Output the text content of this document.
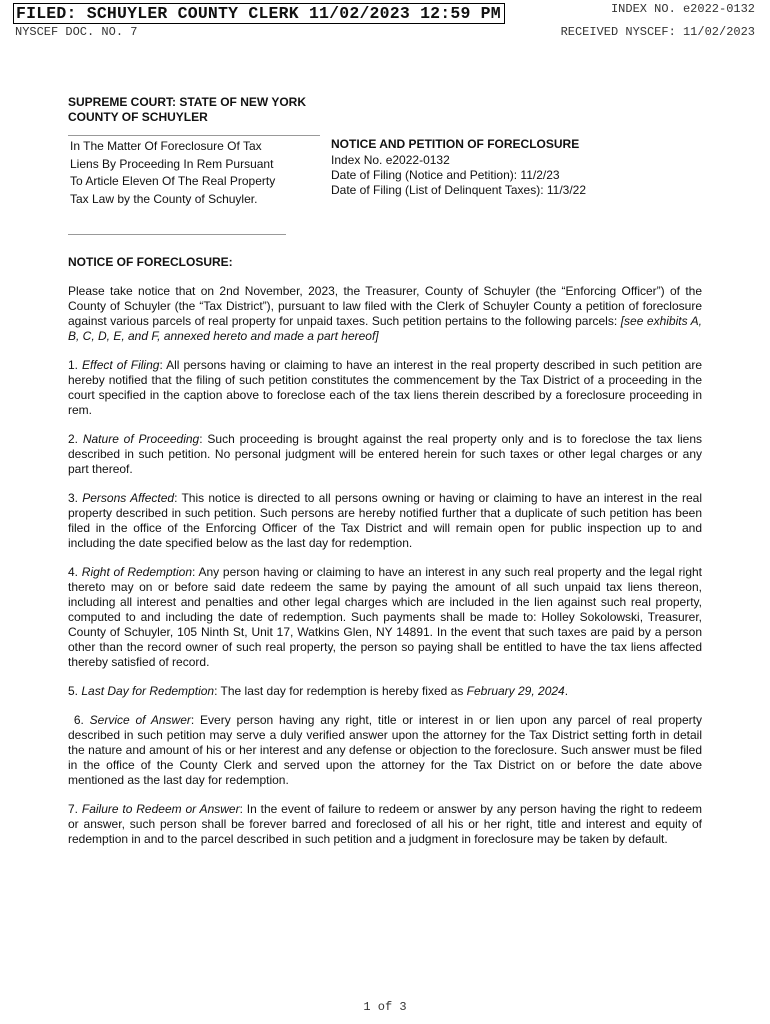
FILED: SCHUYLER COUNTY CLERK 11/02/2023 12:59 PM
NYSCEF DOC. NO. 7
INDEX NO. e2022-0132
RECEIVED NYSCEF: 11/02/2023
SUPREME COURT: STATE OF NEW YORK
COUNTY OF SCHUYLER
In The Matter Of Foreclosure Of Tax
Liens By Proceeding In Rem Pursuant
To Article Eleven Of The Real Property
Tax Law by the County of Schuyler.
NOTICE AND PETITION OF FORECLOSURE
Index No. e2022-0132
Date of Filing (Notice and Petition): 11/2/23
Date of Filing (List of Delinquent Taxes): 11/3/22
NOTICE OF FORECLOSURE:

Please take notice that on 2nd November, 2023, the Treasurer, County of Schuyler (the “Enforcing Officer”) of the County of Schuyler (the “Tax District”), pursuant to law filed with the Clerk of Schuyler County a petition of foreclosure against various parcels of real property for unpaid taxes. Such petition pertains to the following parcels: [see exhibits A, B, C, D, E, and F, annexed hereto and made a part hereof]

1. Effect of Filing: All persons having or claiming to have an interest in the real property described in such petition are hereby notified that the filing of such petition constitutes the commencement by the Tax District of a proceeding in the court specified in the caption above to foreclose each of the tax liens therein described by a foreclosure proceeding in rem.

2. Nature of Proceeding: Such proceeding is brought against the real property only and is to foreclose the tax liens described in such petition. No personal judgment will be entered herein for such taxes or other legal charges or any part thereof.

3. Persons Affected: This notice is directed to all persons owning or having or claiming to have an interest in the real property described in such petition. Such persons are hereby notified further that a duplicate of such petition has been filed in the office of the Enforcing Officer of the Tax District and will remain open for public inspection up to and including the date specified below as the last day for redemption.

4. Right of Redemption: Any person having or claiming to have an interest in any such real property and the legal right thereto may on or before said date redeem the same by paying the amount of all such unpaid tax liens thereon, including all interest and penalties and other legal charges which are included in the lien against such real property, computed to and including the date of redemption. Such payments shall be made to: Holley Sokolowski, Treasurer, County of Schuyler, 105 Ninth St, Unit 17, Watkins Glen, NY 14891. In the event that such taxes are paid by a person other than the record owner of such real property, the person so paying shall be entitled to have the tax liens affected thereby satisfied of record.

5. Last Day for Redemption: The last day for redemption is hereby fixed as February 29, 2024.

6. Service of Answer: Every person having any right, title or interest in or lien upon any parcel of real property described in such petition may serve a duly verified answer upon the attorney for the Tax District setting forth in detail the nature and amount of his or her interest and any defense or objection to the foreclosure. Such answer must be filed in the office of the County Clerk and served upon the attorney for the Tax District on or before the date above mentioned as the last day for redemption.

7. Failure to Redeem or Answer: In the event of failure to redeem or answer by any person having the right to redeem or answer, such person shall be forever barred and foreclosed of all his or her right, title and interest and equity of redemption in and to the parcel described in such petition and a judgment in foreclosure may be taken by default.

1 of 3
